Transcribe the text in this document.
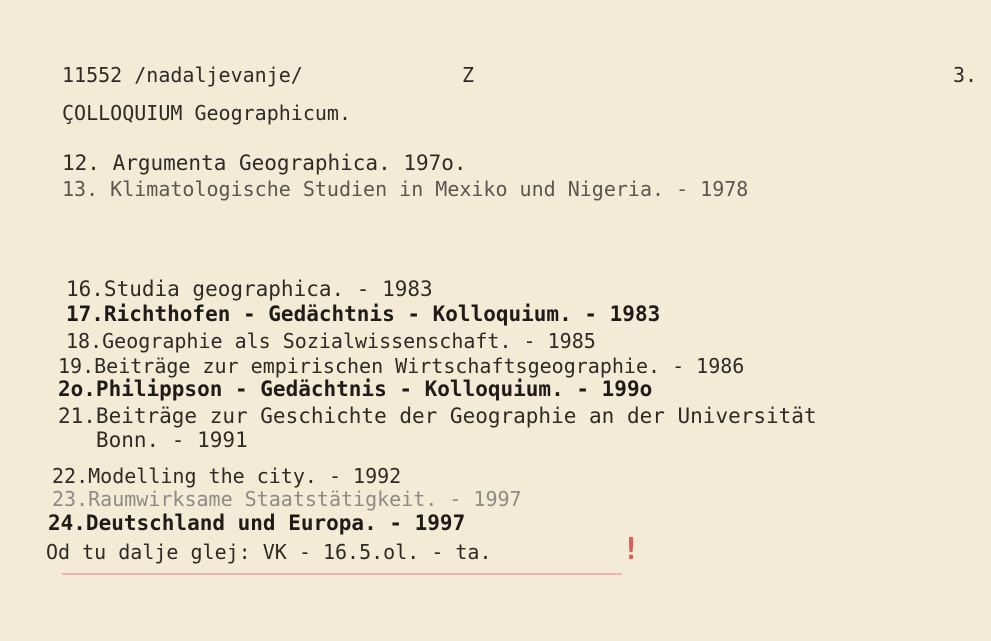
11552 /nadaljevanje/	Z	3.
ÇOLLOQUIUM Geographicum.
12. Argumenta Geographica. 197o.
13. Klimatologische Studien in Mexiko und Nigeria. - 1978
16.Studia geographica. - 1983
17.Richthofen - Gedächtnis - Kolloquium. - 1983
18.Geographie als Sozialwissenschaft. - 1985
19.Beiträge zur empirischen Wirtschaftsgeographie. - 1986
2o.Philippson - Gedächtnis - Kolloquium. - 199o
21.Beiträge zur Geschichte der Geographie an der Universität
Bonn. - 1991
22.Modelling the city. - 1992
23.Raumwirksame Staatstätigkeit. - 1997
24.Deutschland und Europa. - 1997
Od tu dalje glej: VK - 16.5.ol. - ta.	!
